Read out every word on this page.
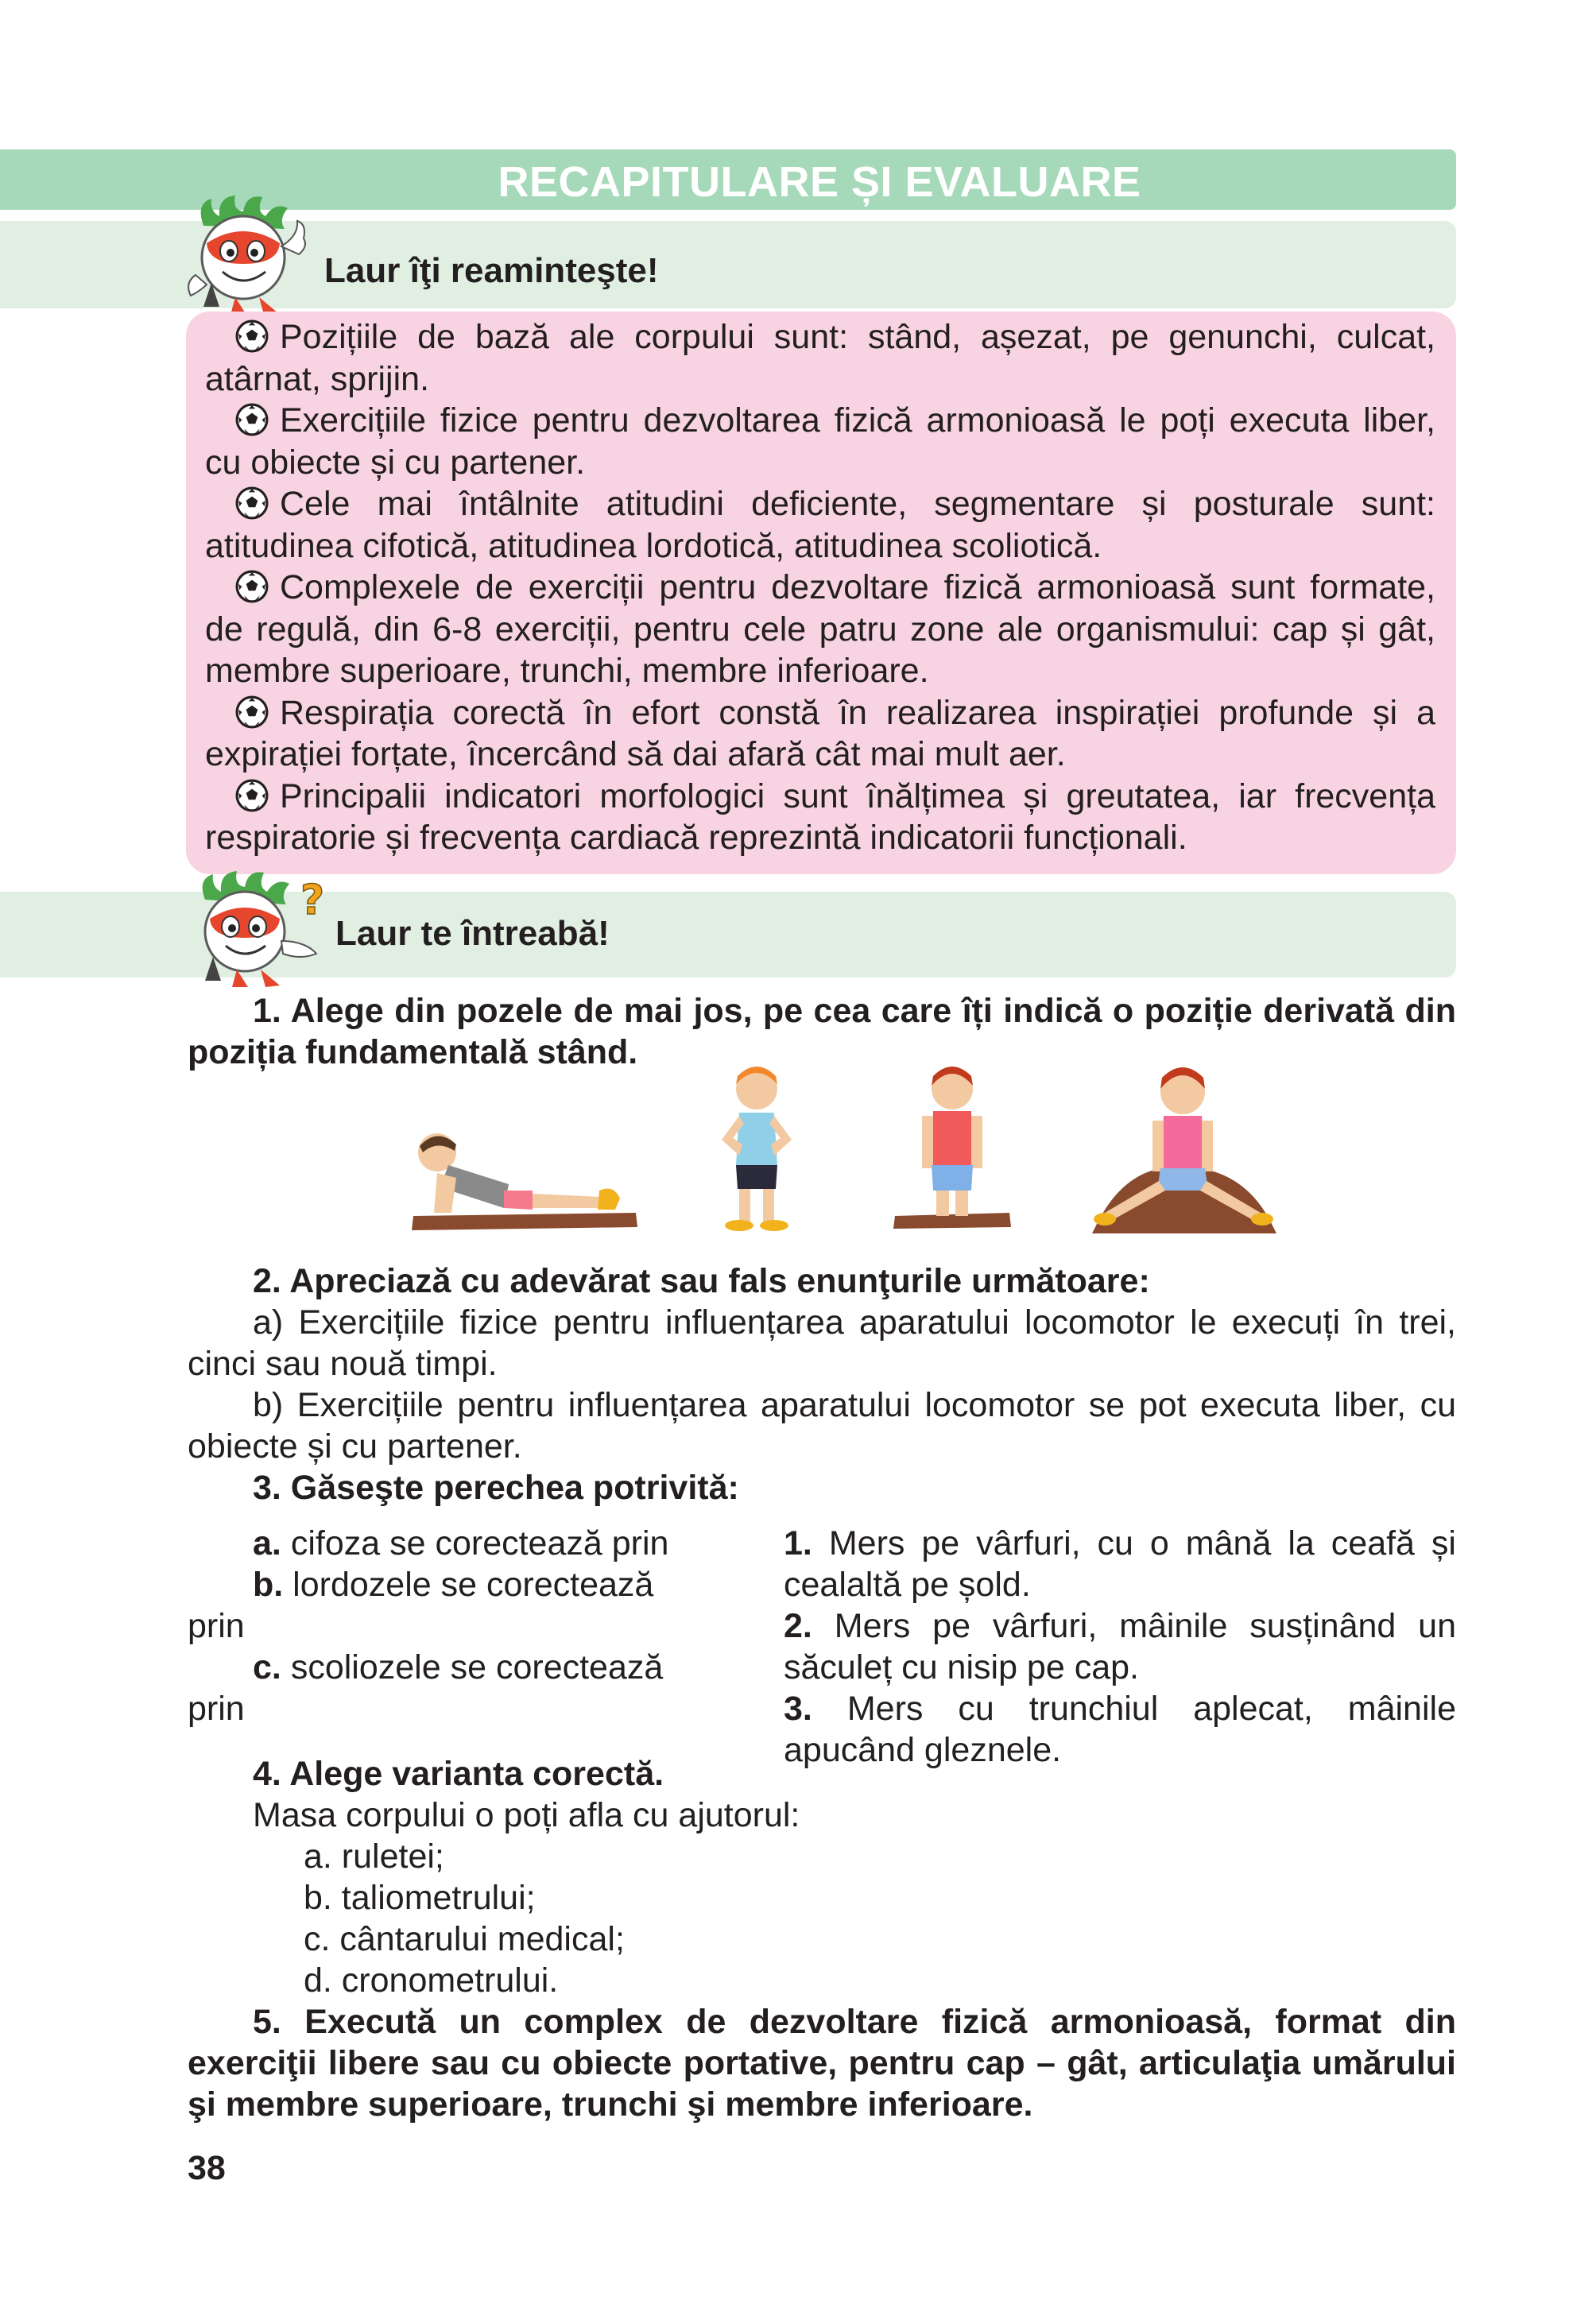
RECAPITULARE ȘI EVALUARE
Laur îţi reaminteşte!

Pozițiile de bază ale corpului sunt: stând, așezat, pe genunchi, culcat, atârnat, sprijin.

Exercițiile fizice pentru dezvoltarea fizică armonioasă le poți executa liber, cu obiecte și cu partener.

Cele mai întâlnite atitudini deficiente, segmentare și posturale sunt: atitudinea cifotică, atitudinea lordotică, atitudinea scoliotică.

Complexele de exerciții pentru dezvoltare fizică armonioasă sunt formate, de regulă, din 6-8 exerciții, pentru cele patru zone ale organismului: cap și gât, membre superioare, trunchi, membre inferioare.

Respirația corectă în efort constă în realizarea inspirației profunde și a expirației forțate, încercând să dai afară cât mai mult aer.

Principalii indicatori morfologici sunt înălțimea și greutatea, iar frecvența respiratorie și frecvența cardiacă reprezintă indicatorii funcționali.

Laur te întreabă!
?
1. Alege din pozele de mai jos, pe cea care îți indică o poziție derivată din poziția fundamentală stând.
2. Apreciază cu adevărat sau fals enunţurile următoare:
a) Exercițiile fizice pentru influențarea aparatului locomotor le execuți în trei, cinci sau nouă timpi.
b) Exercițiile pentru influențarea aparatului locomotor se pot executa liber, cu obiecte și cu partener.
3. Găseşte perechea potrivită:
a. cifoza se corectează prin
b. lordozele se corectează prin
c. scoliozele se corectează prin
1. Mers pe vârfuri, cu o mână la ceafă și cealaltă pe șold.
2. Mers pe vârfuri, mâinile susținând un săculeț cu nisip pe cap.
3. Mers cu trunchiul aplecat, mâinile apucând gleznele.
4. Alege varianta corectă.
Masa corpului o poți afla cu ajutorul:
a. ruletei;
b. taliometrului;
c. cântarului medical;
d. cronometrului.
5. Execută un complex de dezvoltare fizică armonioasă, format din exerciţii libere sau cu obiecte portative, pentru cap – gât, articulaţia umărului şi membre superioare, trunchi şi membre inferioare.
38
